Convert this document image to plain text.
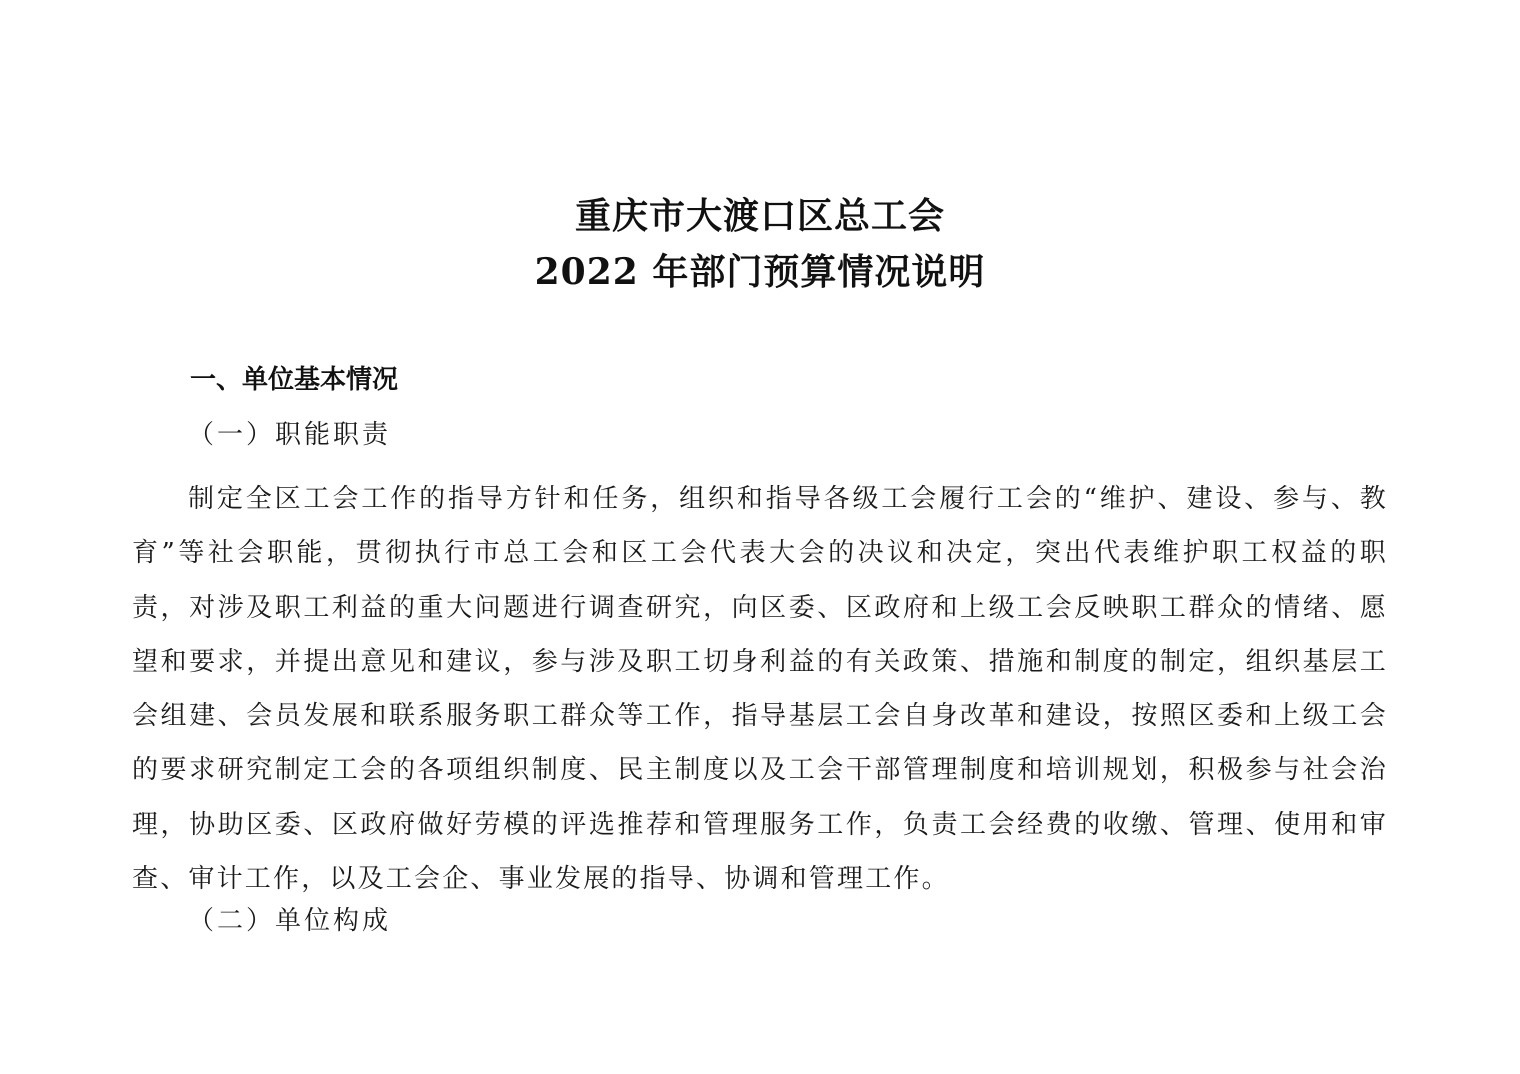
重庆市大渡口区总工会
2022 年部门预算情况说明
一、单位基本情况
（一）职能职责

制定全区工会工作的指导方针和任务，组织和指导各级工会履行工会的“维护、建设、参与、教育”等社会职能，贯彻执行市总工会和区工会代表大会的决议和决定，突出代表维护职工权益的职责，对涉及职工利益的重大问题进行调查研究，向区委、区政府和上级工会反映职工群众的情绪、愿望和要求，并提出意见和建议，参与涉及职工切身利益的有关政策、措施和制度的制定，组织基层工会组建、会员发展和联系服务职工群众等工作，指导基层工会自身改革和建设，按照区委和上级工会的要求研究制定工会的各项组织制度、民主制度以及工会干部管理制度和培训规划，积极参与社会治理，协助区委、区政府做好劳模的评选推荐和管理服务工作，负责工会经费的收缴、管理、使用和审查、审计工作，以及工会企、事业发展的指导、协调和管理工作。

（二）单位构成
